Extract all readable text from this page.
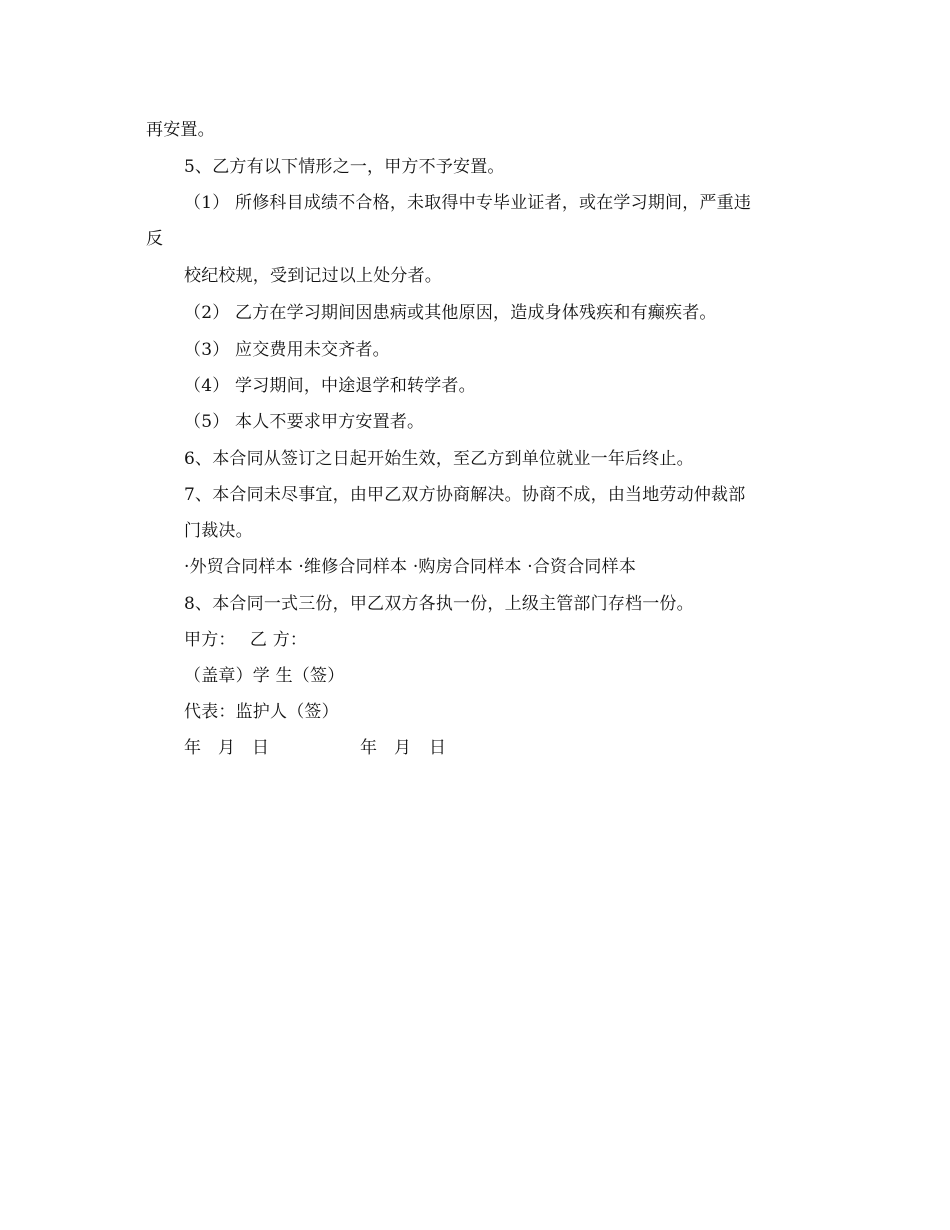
再安置。
5、乙方有以下情形之一，甲方不予安置。
（1） 所修科目成绩不合格，未取得中专毕业证者，或在学习期间，严重违
反
校纪校规，受到记过以上处分者。
（2） 乙方在学习期间因患病或其他原因，造成身体残疾和有癫疾者。
（3） 应交费用未交齐者。
（4） 学习期间，中途退学和转学者。
（5） 本人不要求甲方安置者。
6、本合同从签订之日起开始生效，至乙方到单位就业一年后终止。
7、本合同未尽事宜，由甲乙双方协商解决。协商不成，由当地劳动仲裁部
门裁决。
·外贸合同样本 ·维修合同样本 ·购房合同样本 ·合资合同样本
8、本合同一式三份，甲乙双方各执一份，上级主管部门存档一份。
甲方：　 乙 方：
（盖章）学 生（签）
代表：监护人（签）
年 月 日	年 月 日
